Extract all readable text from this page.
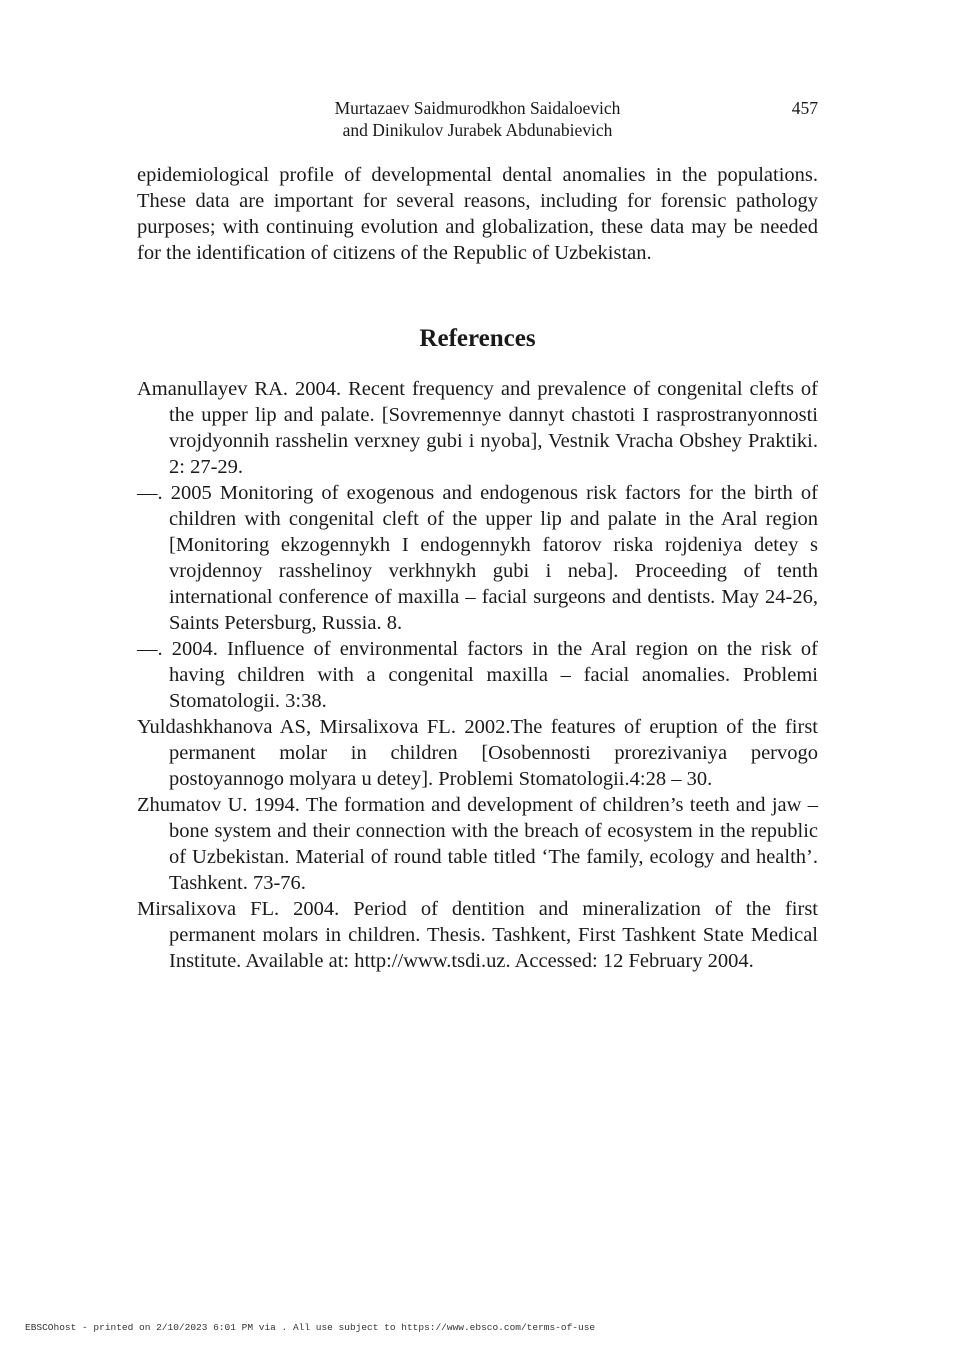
Murtazaev Saidmurodkhon Saidaloevich
and Dinikulov Jurabek Abdunabievich
457

epidemiological profile of developmental dental anomalies in the populations. These data are important for several reasons, including for forensic pathology purposes; with continuing evolution and globalization, these data may be needed for the identification of citizens of the Republic of Uzbekistan.

References
Amanullayev RA. 2004. Recent frequency and prevalence of congenital clefts of the upper lip and palate. [Sovremennye dannyt chastoti I rasprostranyonnosti vrojdyonnih rasshelin verxney gubi i nyoba], Vestnik Vracha Obshey Praktiki. 2: 27-29.
—. 2005 Monitoring of exogenous and endogenous risk factors for the birth of children with congenital cleft of the upper lip and palate in the Aral region [Monitoring ekzogennykh I endogennykh fatorov riska rojdeniya detey s vrojdennoy rasshelinoy verkhnykh gubi i neba]. Proceeding of tenth international conference of maxilla – facial surgeons and dentists. May 24-26, Saints Petersburg, Russia. 8.
—. 2004. Influence of environmental factors in the Aral region on the risk of having children with a congenital maxilla – facial anomalies. Problemi Stomatologii. 3:38.
Yuldashkhanova AS, Mirsalixova FL. 2002.The features of eruption of the first permanent molar in children [Osobennosti prorezivaniya pervogo postoyannogo molyara u detey]. Problemi Stomatologii.4:28 – 30.
Zhumatov U. 1994. The formation and development of children’s teeth and jaw – bone system and their connection with the breach of ecosystem in the republic of Uzbekistan. Material of round table titled ‘The family, ecology and health’. Tashkent. 73-76.
Mirsalixova FL. 2004. Period of dentition and mineralization of the first permanent molars in children. Thesis. Tashkent, First Tashkent State Medical Institute. Available at: http://www.tsdi.uz. Accessed: 12 February 2004.
EBSCOhost - printed on 2/10/2023 6:01 PM via . All use subject to https://www.ebsco.com/terms-of-use
